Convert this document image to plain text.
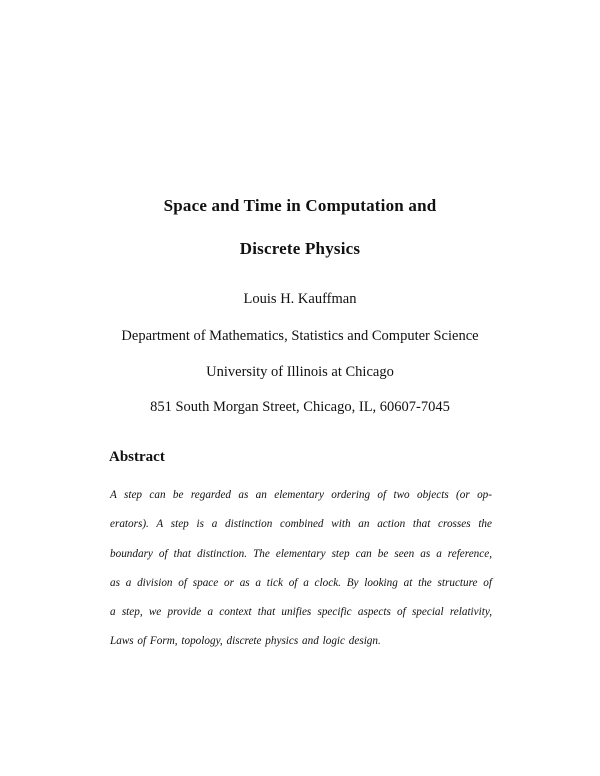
Space and Time in Computation and
Discrete Physics
Louis H. Kauffman
Department of Mathematics, Statistics and Computer Science
University of Illinois at Chicago
851 South Morgan Street, Chicago, IL, 60607-7045
Abstract
A step can be regarded as an elementary ordering of two objects (or op-
erators). A step is a distinction combined with an action that crosses the
boundary of that distinction. The elementary step can be seen as a reference,
as a division of space or as a tick of a clock. By looking at the structure of
a step, we provide a context that unifies specific aspects of special relativity,
Laws of Form, topology, discrete physics and logic design.
